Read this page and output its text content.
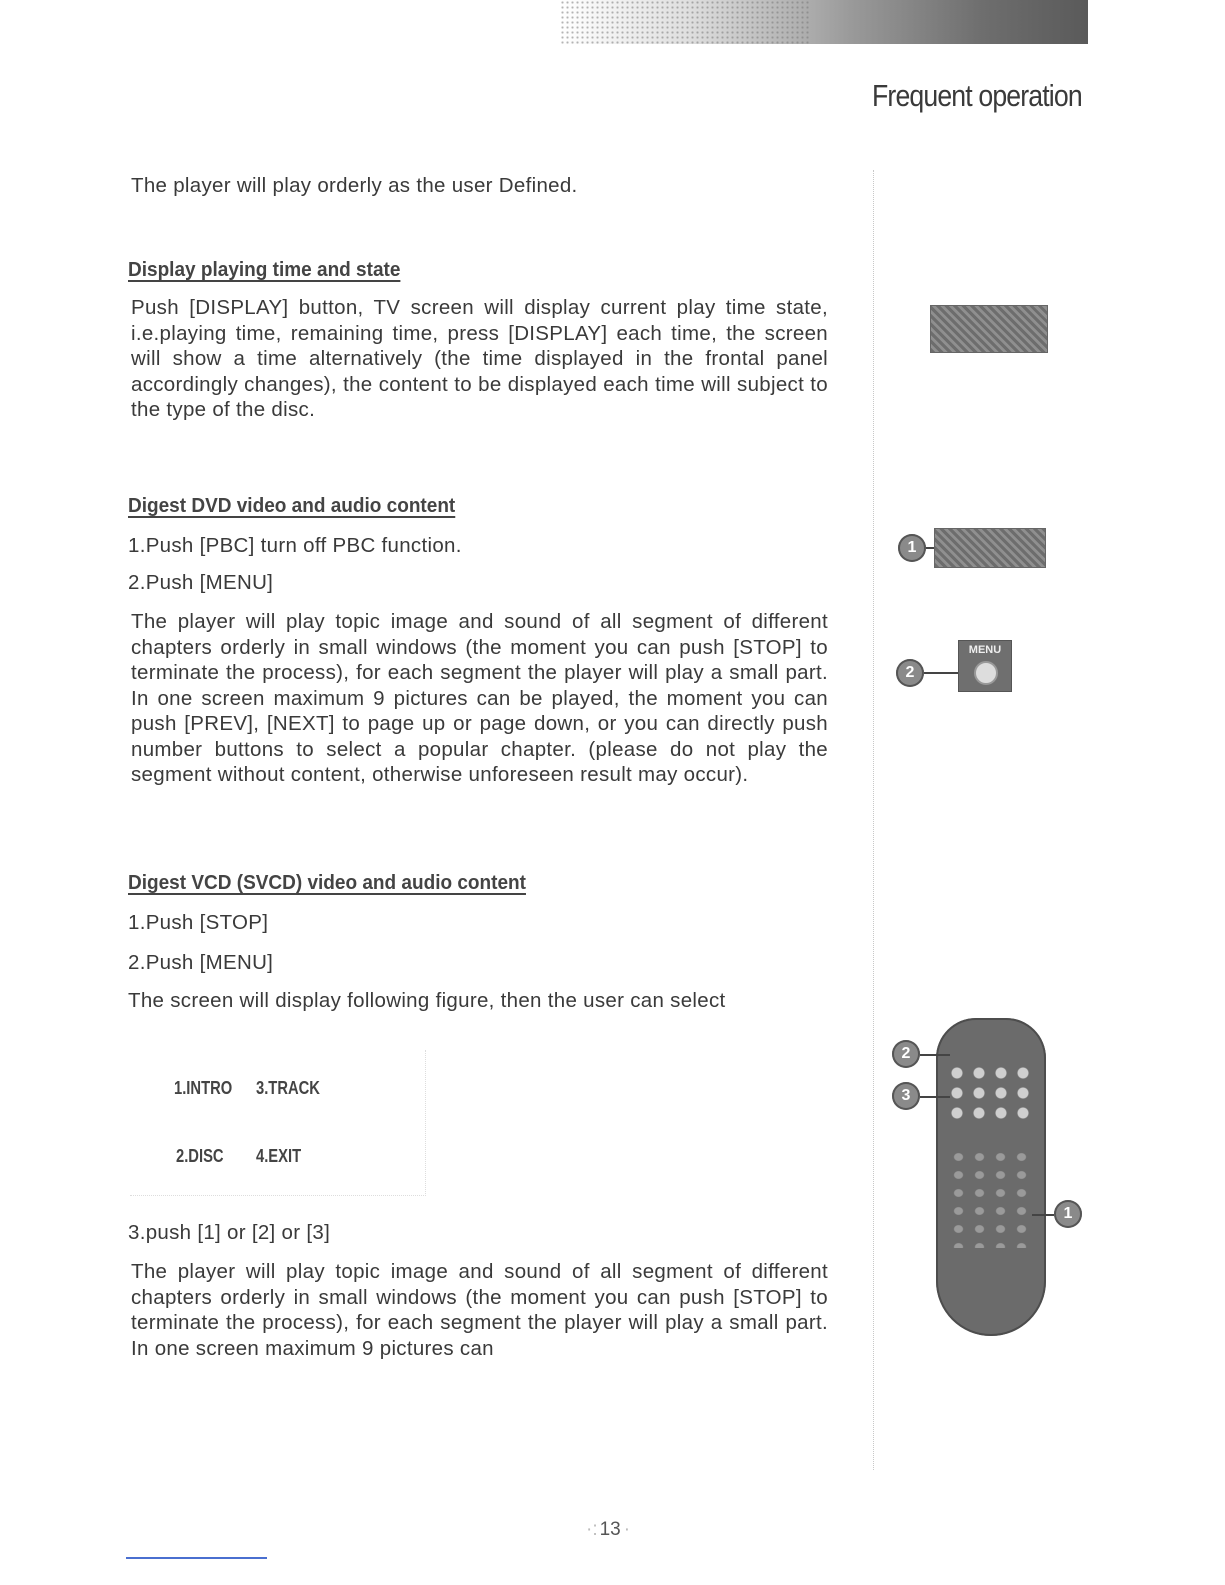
Frequent operation
The player will play orderly as the user Defined.
Display playing time and state
Push [DISPLAY] button, TV screen will display current play time state, i.e.playing time, remaining time, press [DISPLAY] each time, the screen will show a time alternatively (the time displayed in the frontal panel accordingly changes), the content to be displayed each time will subject to the type of the disc.
Digest DVD video and audio content
1.Push [PBC] turn off PBC function.
2.Push [MENU]
The player will play topic image and sound of all segment of different chapters orderly in small windows (the moment you can push [STOP] to terminate the process), for each segment the player will play a small part. In one screen maximum 9 pictures can be played, the moment you can push [PREV], [NEXT] to page up or page down, or you can directly push number buttons to select a popular chapter. (please do not play the segment without content, otherwise unforeseen result may occur).
Digest VCD (SVCD) video and audio content
1.Push [STOP]
2.Push [MENU]
The screen will display following figure, then the user can select
1.INTRO 3.TRACK
2.DISC 4.EXIT
3.push [1] or [2] or [3]
The player will play topic image and sound of all segment of different chapters orderly in small windows (the moment you can push [STOP] to terminate the process), for each segment the player will play a small part. In one screen maximum 9 pictures can
1
2
MENU
2
3
1
·: 13 ·
